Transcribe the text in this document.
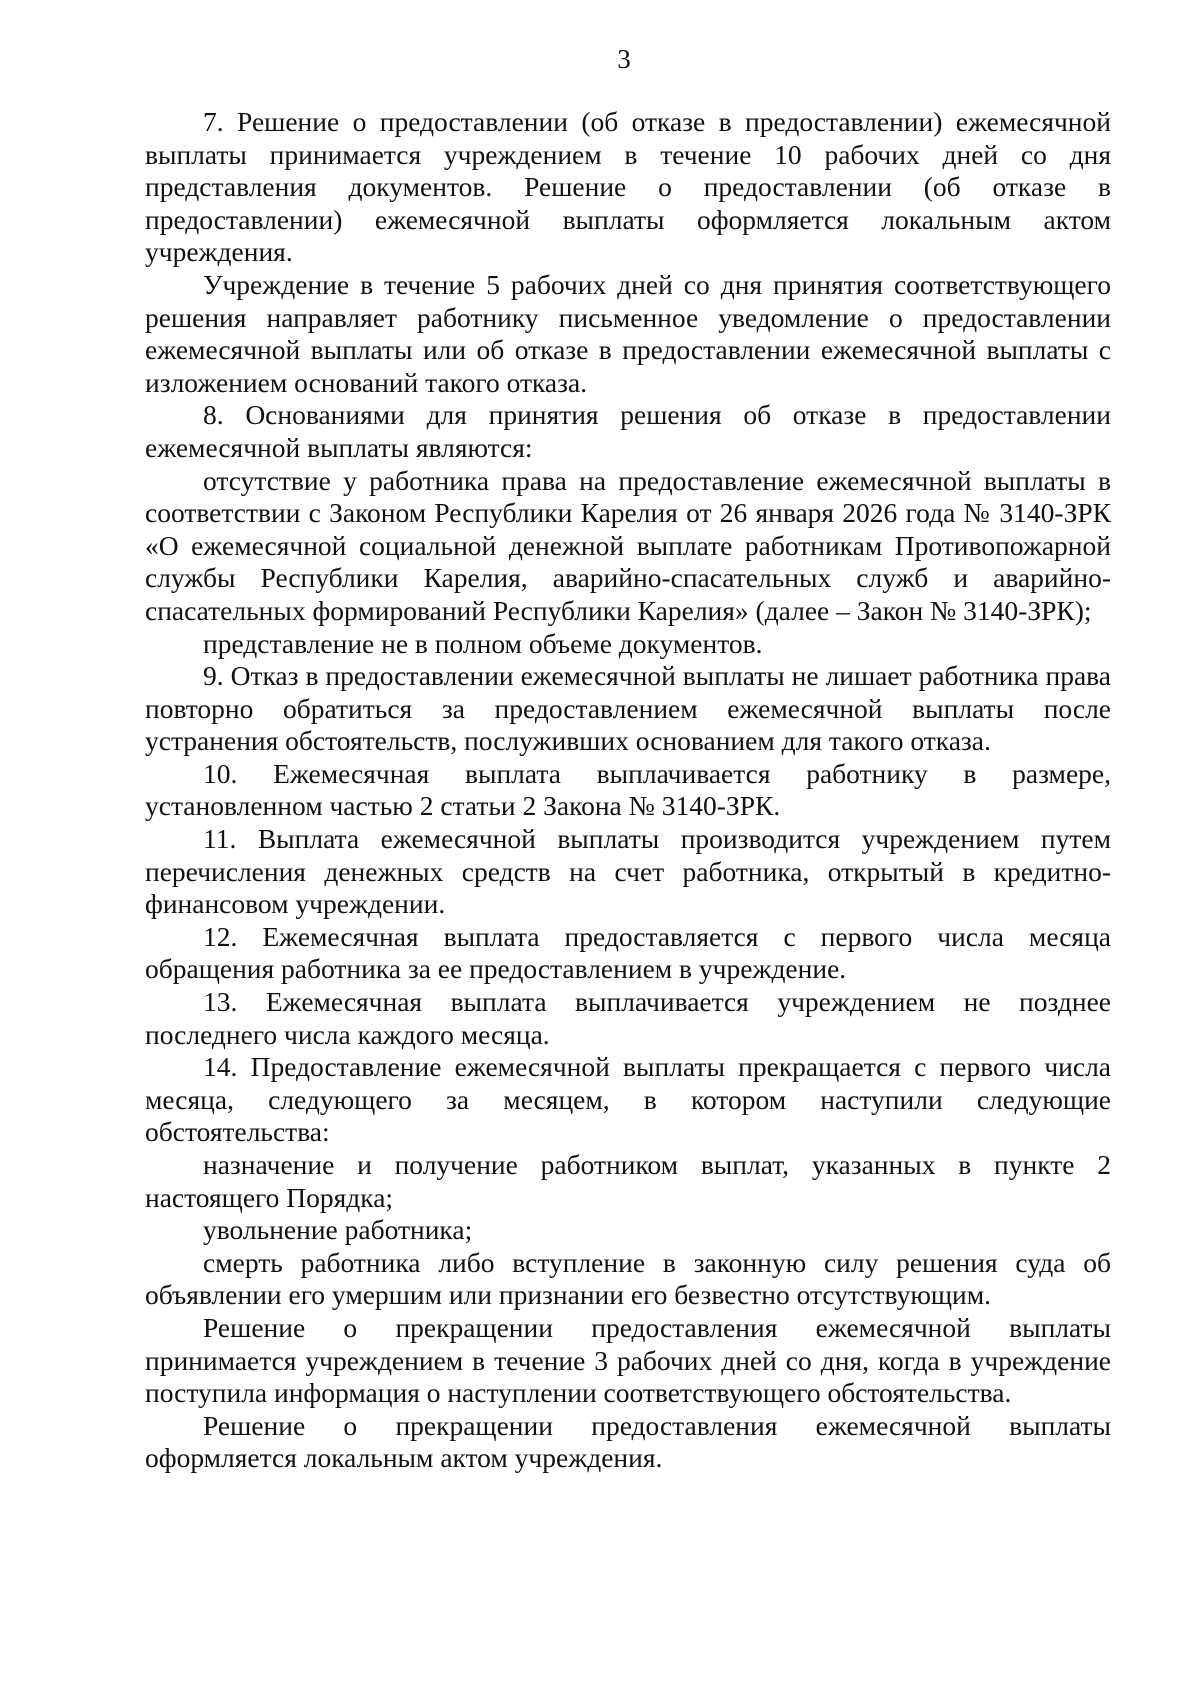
3

7. Решение о предоставлении (об отказе в предоставлении) ежемесячной выплаты принимается учреждением в течение 10 рабочих дней со дня представления документов. Решение о предоставлении (об отказе в предоставлении) ежемесячной выплаты оформляется локальным актом учреждения.

Учреждение в течение 5 рабочих дней со дня принятия соответствующего решения направляет работнику письменное уведомление о предоставлении ежемесячной выплаты или об отказе в предоставлении ежемесячной выплаты с изложением оснований такого отказа.

8. Основаниями для принятия решения об отказе в предоставлении ежемесячной выплаты являются:

отсутствие у работника права на предоставление ежемесячной выплаты в соответствии с Законом Республики Карелия от 26 января 2026 года № 3140-ЗРК «О ежемесячной социальной денежной выплате работникам Противопожарной службы Республики Карелия, аварийно-спасательных служб и аварийно-спасательных формирований Республики Карелия» (далее – Закон № 3140-ЗРК);

представление не в полном объеме документов.

9. Отказ в предоставлении ежемесячной выплаты не лишает работника права повторно обратиться за предоставлением ежемесячной выплаты после устранения обстоятельств, послуживших основанием для такого отказа.

10. Ежемесячная выплата выплачивается работнику в размере, установленном частью 2 статьи 2 Закона № 3140-ЗРК.

11. Выплата ежемесячной выплаты производится учреждением путем перечисления денежных средств на счет работника, открытый в кредитно-финансовом учреждении.

12. Ежемесячная выплата предоставляется с первого числа месяца обращения работника за ее предоставлением в учреждение.

13. Ежемесячная выплата выплачивается учреждением не позднее последнего числа каждого месяца.

14. Предоставление ежемесячной выплаты прекращается с первого числа месяца, следующего за месяцем, в котором наступили следующие обстоятельства:

назначение и получение работником выплат, указанных в пункте 2 настоящего Порядка;

увольнение работника;

смерть работника либо вступление в законную силу решения суда об объявлении его умершим или признании его безвестно отсутствующим.

Решение о прекращении предоставления ежемесячной выплаты принимается учреждением в течение 3 рабочих дней со дня, когда в учреждение поступила информация о наступлении соответствующего обстоятельства.

Решение о прекращении предоставления ежемесячной выплаты оформляется локальным актом учреждения.
